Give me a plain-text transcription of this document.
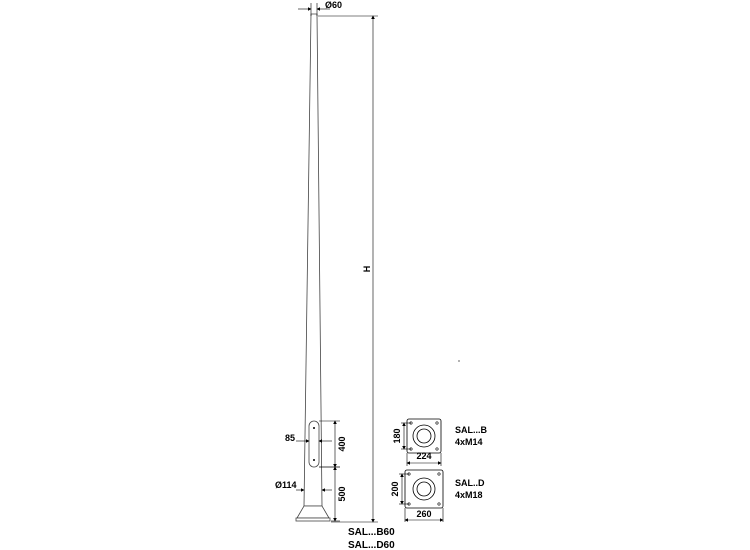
Ø60
H
85	400
Ø114
500
SAL...B60
SAL...D60
180
224
SAL...B
4xM14
200
260
SAL..D
4xM18
